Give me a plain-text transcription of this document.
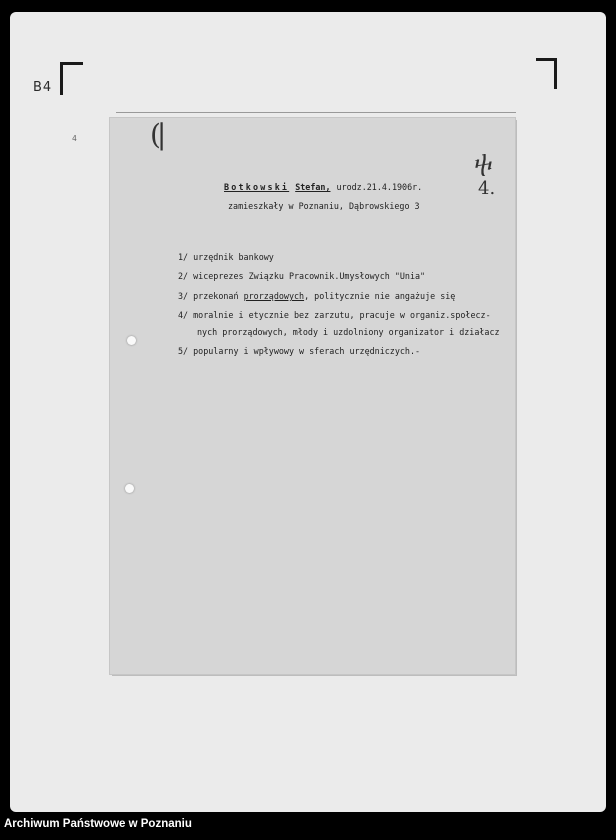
B4
4	(|
ⴕ
4.
Botkowski Stefan, urodz.21.4.1906r.
zamieszkały w Poznaniu, Dąbrowskiego 3
1/ urzędnik bankowy
2/ wiceprezes Związku Pracownik.Umysłowych "Unia"
3/ przekonań prorządowych, politycznie nie angażuje się
4/ moralnie i etycznie bez zarzutu, pracuje w organiz.społecz-
nych prorządowych, młody i uzdolniony organizator i działacz
5/ popularny i wpływowy w sferach urzędniczych.-
Archiwum Państwowe w Poznaniu
